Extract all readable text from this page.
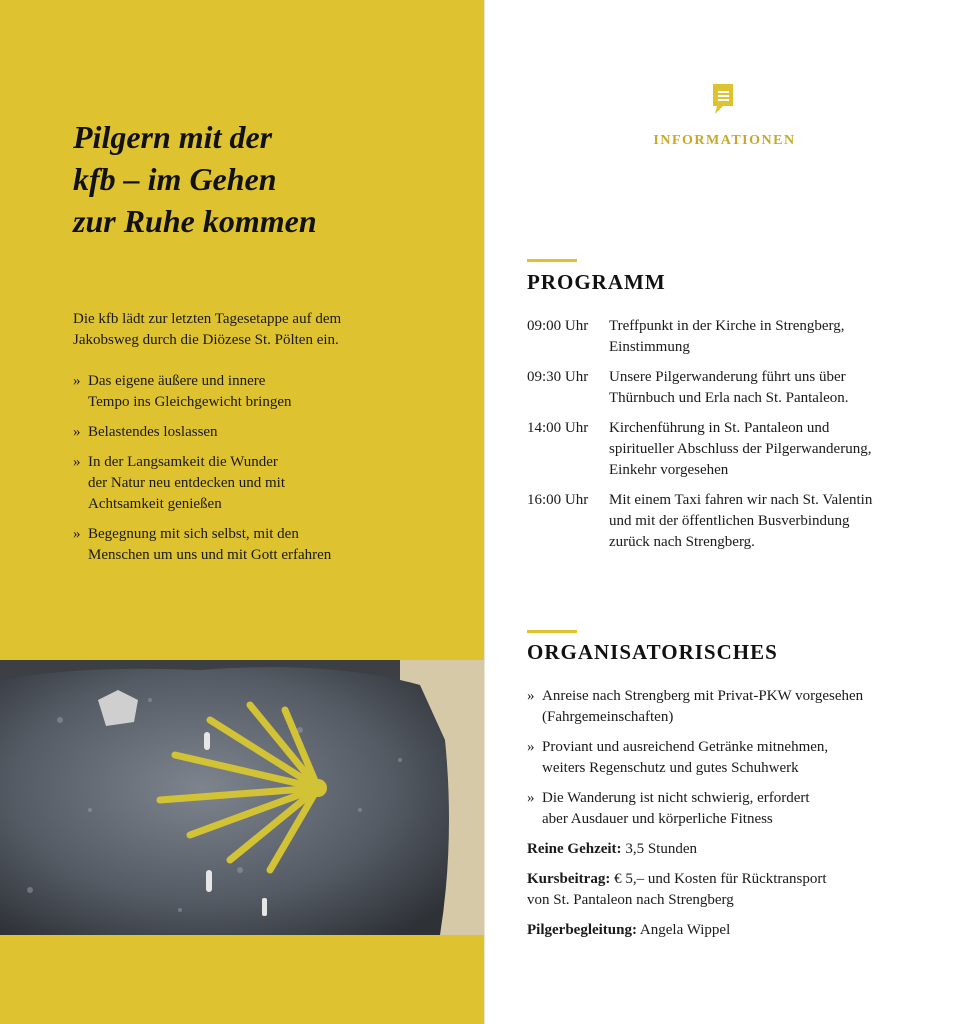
Pilgern mit der
kfb – im Gehen
zur Ruhe kommen

Die kfb lädt zur letzten Tagesetappe auf dem Jakobsweg durch die Diözese St. Pölten ein.

» Das eigene äußere und innere
Tempo ins Gleichgewicht bringen
» Belastendes loslassen
» In der Langsamkeit die Wunder
der Natur neu entdecken und mit
Achtsamkeit genießen
» Begegnung mit sich selbst, mit den
Menschen um uns und mit Gott erfahren
INFORMATIONEN
PROGRAMM
09:00 Uhr	Treffpunkt in der Kirche in Strengberg,
Einstimmung
09:30 Uhr	Unsere Pilgerwanderung führt uns über
Thürnbuch und Erla nach St. Pantaleon.
14:00 Uhr	Kirchenführung in St. Pantaleon und
spiritueller Abschluss der Pilgerwanderung,
Einkehr vorgesehen
16:00 Uhr	Mit einem Taxi fahren wir nach St. Valentin
und mit der öffentlichen Busverbindung
zurück nach Strengberg.
ORGANISATORISCHES
» Anreise nach Strengberg mit Privat-PKW vorgesehen
(Fahrgemeinschaften)
» Proviant und ausreichend Getränke mitnehmen,
weiters Regenschutz und gutes Schuhwerk
» Die Wanderung ist nicht schwierig, erfordert
aber Ausdauer und körperliche Fitness
Reine Gehzeit: 3,5 Stunden
Kursbeitrag: € 5,– und Kosten für Rücktransport
von St. Pantaleon nach Strengberg
Pilgerbegleitung: Angela Wippel
